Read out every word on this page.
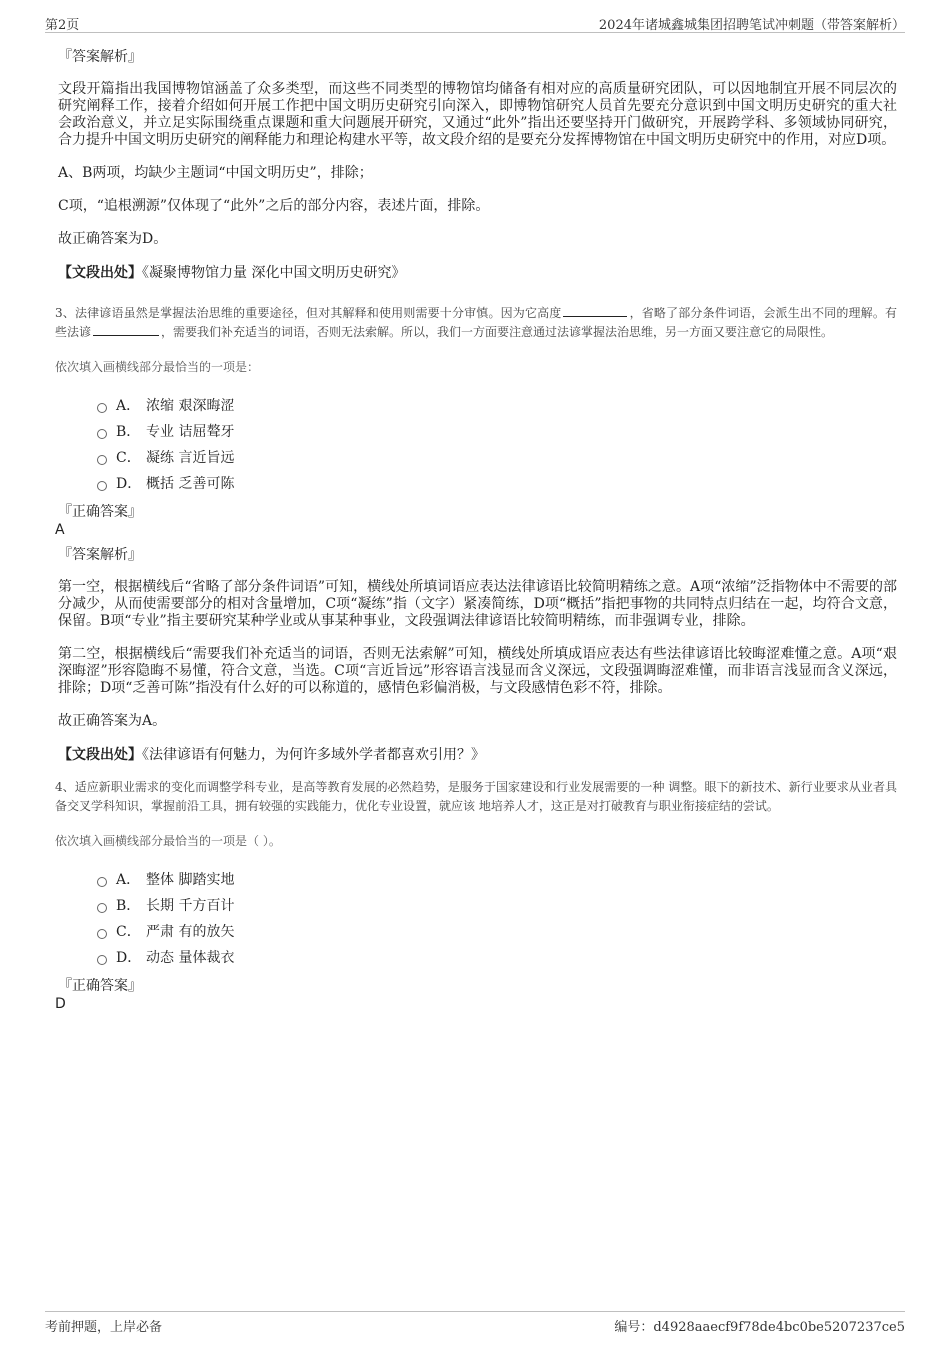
第2页	2024年诸城鑫城集团招聘笔试冲刺题（带答案解析）
『答案解析』

文段开篇指出我国博物馆涵盖了众多类型，而这些不同类型的博物馆均储备有相对应的高质量研究团队，可以因地制宜开展不同层次的研究阐释工作，接着介绍如何开展工作把中国文明历史研究引向深入，即博物馆研究人员首先要充分意识到中国文明历史研究的重大社会政治意义，并立足实际围绕重点课题和重大问题展开研究，又通过“此外”指出还要坚持开门做研究，开展跨学科、多领域协同研究，合力提升中国文明历史研究的阐释能力和理论构建水平等，故文段介绍的是要充分发挥博物馆在中国文明历史研究中的作用，对应D项。

A、B两项，均缺少主题词“中国文明历史”，排除；

C项，“追根溯源”仅体现了“此外”之后的部分内容，表述片面，排除。

故正确答案为D。

【文段出处】《凝聚博物馆力量 深化中国文明历史研究》

3、法律谚语虽然是掌握法治思维的重要途径，但对其解释和使用则需要十分审慎。因为它高度	，省略了部分条件词语，会派生出不同的理解。有些法谚	，需要我们补充适当的词语，否则无法索解。所以，我们一方面要注意通过法谚掌握法治思维，另一方面又要注意它的局限性。

依次填入画横线部分最恰当的一项是：

A． 浓缩 艰深晦涩
B． 专业 诘屈聱牙
C． 凝练 言近旨远
D． 概括 乏善可陈
『正确答案』
A
『答案解析』

第一空，根据横线后“省略了部分条件词语”可知，横线处所填词语应表达法律谚语比较简明精练之意。A项“浓缩”泛指物体中不需要的部分减少，从而使需要部分的相对含量增加，C项“凝练”指（文字）紧凑简练，D项“概括”指把事物的共同特点归结在一起，均符合文意，保留。B项“专业”指主要研究某种学业或从事某种事业，文段强调法律谚语比较简明精练，而非强调专业，排除。

第二空，根据横线后“需要我们补充适当的词语，否则无法索解”可知，横线处所填成语应表达有些法律谚语比较晦涩难懂之意。A项“艰深晦涩”形容隐晦不易懂，符合文意，当选。C项“言近旨远”形容语言浅显而含义深远，文段强调晦涩难懂，而非语言浅显而含义深远，排除；D项“乏善可陈”指没有什么好的可以称道的，感情色彩偏消极，与文段感情色彩不符，排除。

故正确答案为A。

【文段出处】《法律谚语有何魅力，为何许多域外学者都喜欢引用？》

4、适应新职业需求的变化而调整学科专业，是高等教育发展的必然趋势，是服务于国家建设和行业发展需要的一种 调整。眼下的新技术、新行业要求从业者具备交叉学科知识，掌握前沿工具，拥有较强的实践能力，优化专业设置，就应该 地培养人才，这正是对打破教育与职业衔接症结的尝试。

依次填入画横线部分最恰当的一项是（ ）。

A． 整体 脚踏实地
B． 长期 千方百计
C． 严肃 有的放矢
D． 动态 量体裁衣
『正确答案』
D
考前押题，上岸必备	编号：d4928aaecf9f78de4bc0be5207237ce5
